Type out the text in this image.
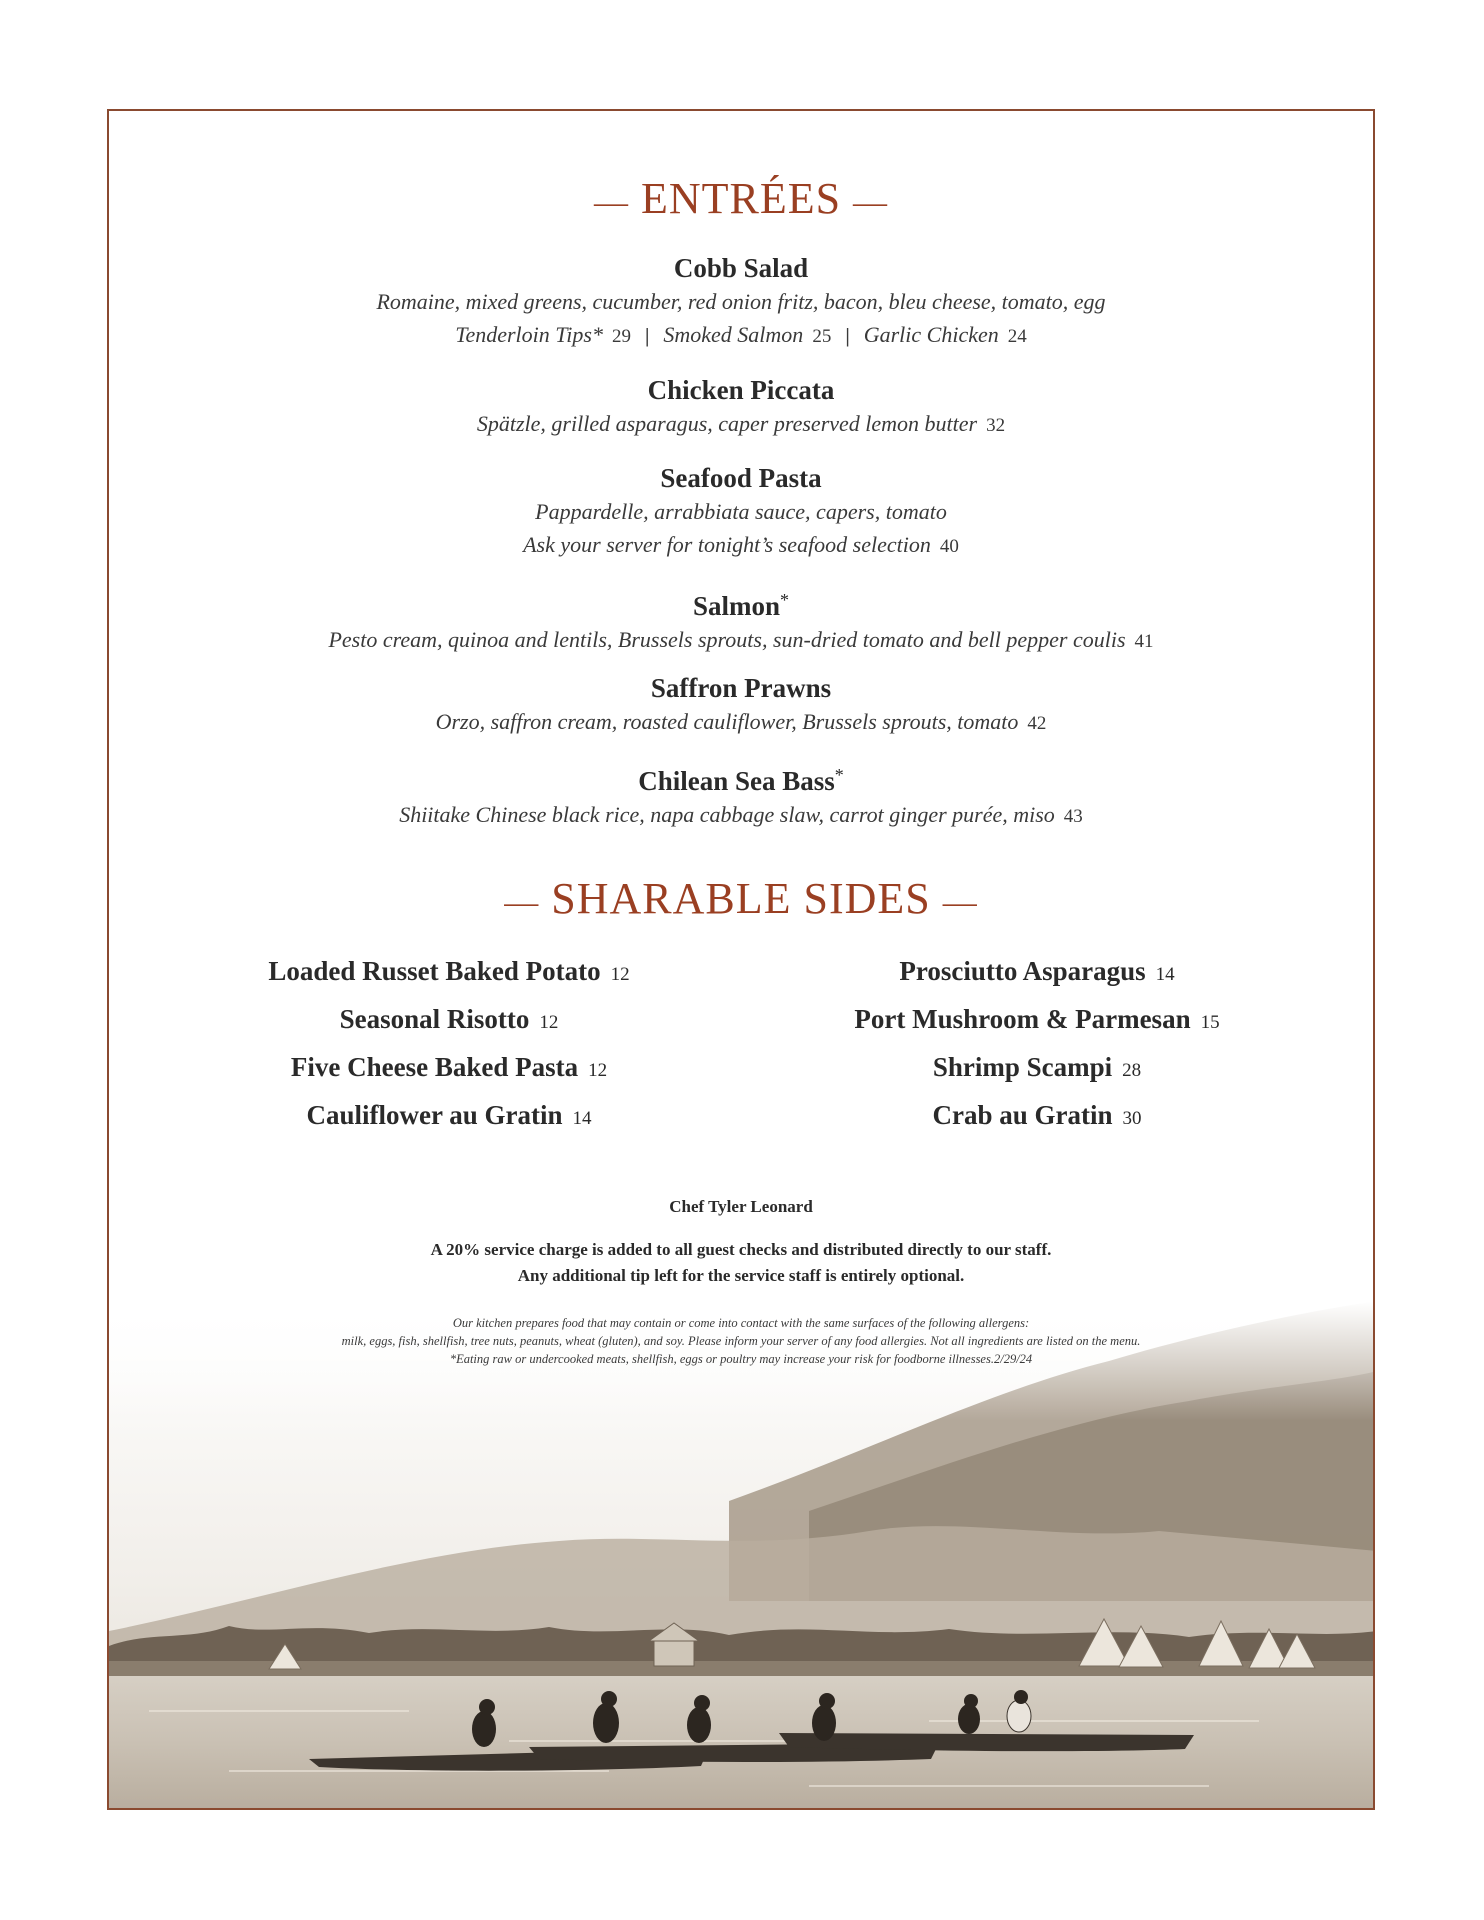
— ENTRÉES —
Cobb Salad
Romaine, mixed greens, cucumber, red onion fritz, bacon, bleu cheese, tomato, egg
Tenderloin Tips* 29 | Smoked Salmon 25 | Garlic Chicken 24
Chicken Piccata
Spätzle, grilled asparagus, caper preserved lemon butter 32
Seafood Pasta
Pappardelle, arrabbiata sauce, capers, tomato
Ask your server for tonight’s seafood selection 40
Salmon*
Pesto cream, quinoa and lentils, Brussels sprouts, sun-dried tomato and bell pepper coulis 41
Saffron Prawns
Orzo, saffron cream, roasted cauliflower, Brussels sprouts, tomato 42
Chilean Sea Bass*
Shiitake Chinese black rice, napa cabbage slaw, carrot ginger purée, miso 43
— SHARABLE SIDES —
Loaded Russet Baked Potato 12
Seasonal Risotto 12
Five Cheese Baked Pasta 12
Cauliflower au Gratin 14
Prosciutto Asparagus 14
Port Mushroom & Parmesan 15
Shrimp Scampi 28
Crab au Gratin 30
Chef Tyler Leonard
A 20% service charge is added to all guest checks and distributed directly to our staff.
Any additional tip left for the service staff is entirely optional.
Our kitchen prepares food that may contain or come into contact with the same surfaces of the following allergens:
milk, eggs, fish, shellfish, tree nuts, peanuts, wheat (gluten), and soy. Please inform your server of any food allergies. Not all ingredients are listed on the menu.
*Eating raw or undercooked meats, shellfish, eggs or poultry may increase your risk for foodborne illnesses.2/29/24
